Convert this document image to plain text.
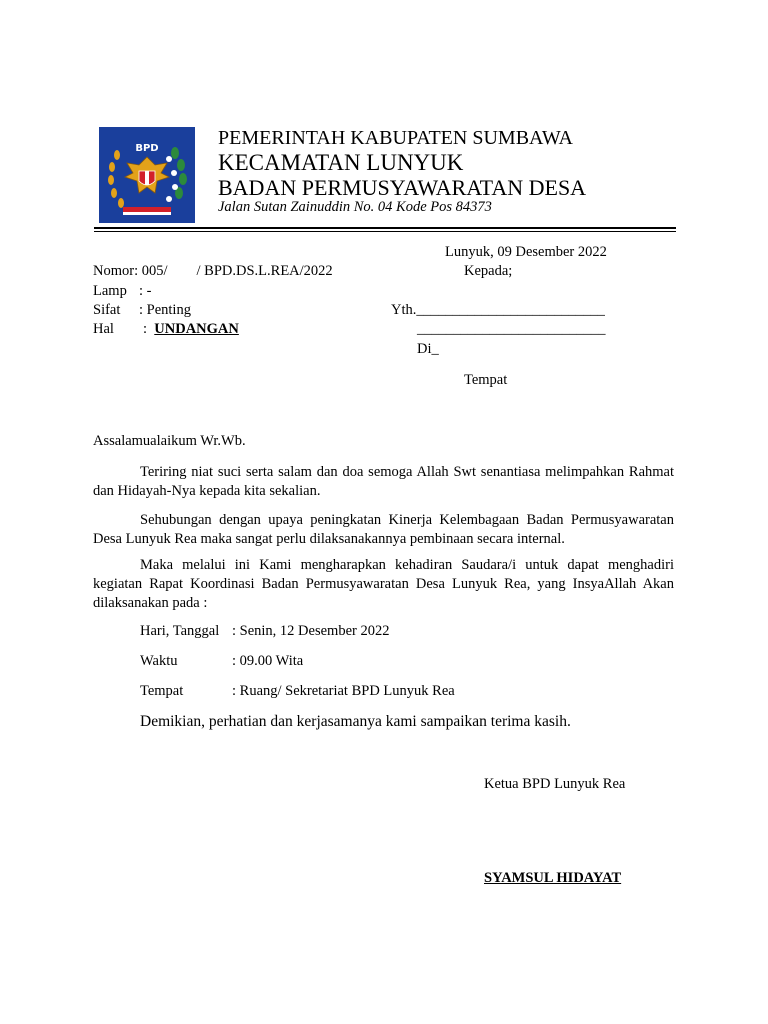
BPD	PEMERINTAH KABUPATEN SUMBAWA
KECAMATAN LUNYUK
BADAN PERMUSYAWARATAN DESA
Jalan Sutan Zainuddin No. 04 Kode Pos 84373
Lunyuk, 09 Desember 2022
Nomor: 005/        / BPD.DS.L.REA/2022
Lamp : -
Sifat : Penting
Hal : UNDANGAN
Kepada;
Yth.__________________________
__________________________
Di_
Tempat
Assalamualaikum Wr.Wb.

Teriring niat suci serta salam dan doa semoga Allah Swt senantiasa melimpahkan Rahmat dan Hidayah-Nya kepada kita sekalian.

Sehubungan dengan upaya peningkatan Kinerja Kelembagaan Badan Permusyawaratan Desa Lunyuk Rea maka sangat perlu dilaksanakannya pembinaan secara internal.

Maka melalui ini Kami mengharapkan kehadiran Saudara/i untuk dapat menghadiri kegiatan Rapat Koordinasi Badan Permusyawaratan Desa Lunyuk Rea, yang InsyaAllah Akan dilaksanakan pada :

Hari, Tanggal : Senin, 12 Desember 2022
Waktu	: 09.00 Wita
Tempat	: Ruang/ Sekretariat BPD Lunyuk Rea
Demikian, perhatian dan kerjasamanya kami sampaikan terima kasih.
Ketua BPD Lunyuk Rea
SYAMSUL HIDAYAT
